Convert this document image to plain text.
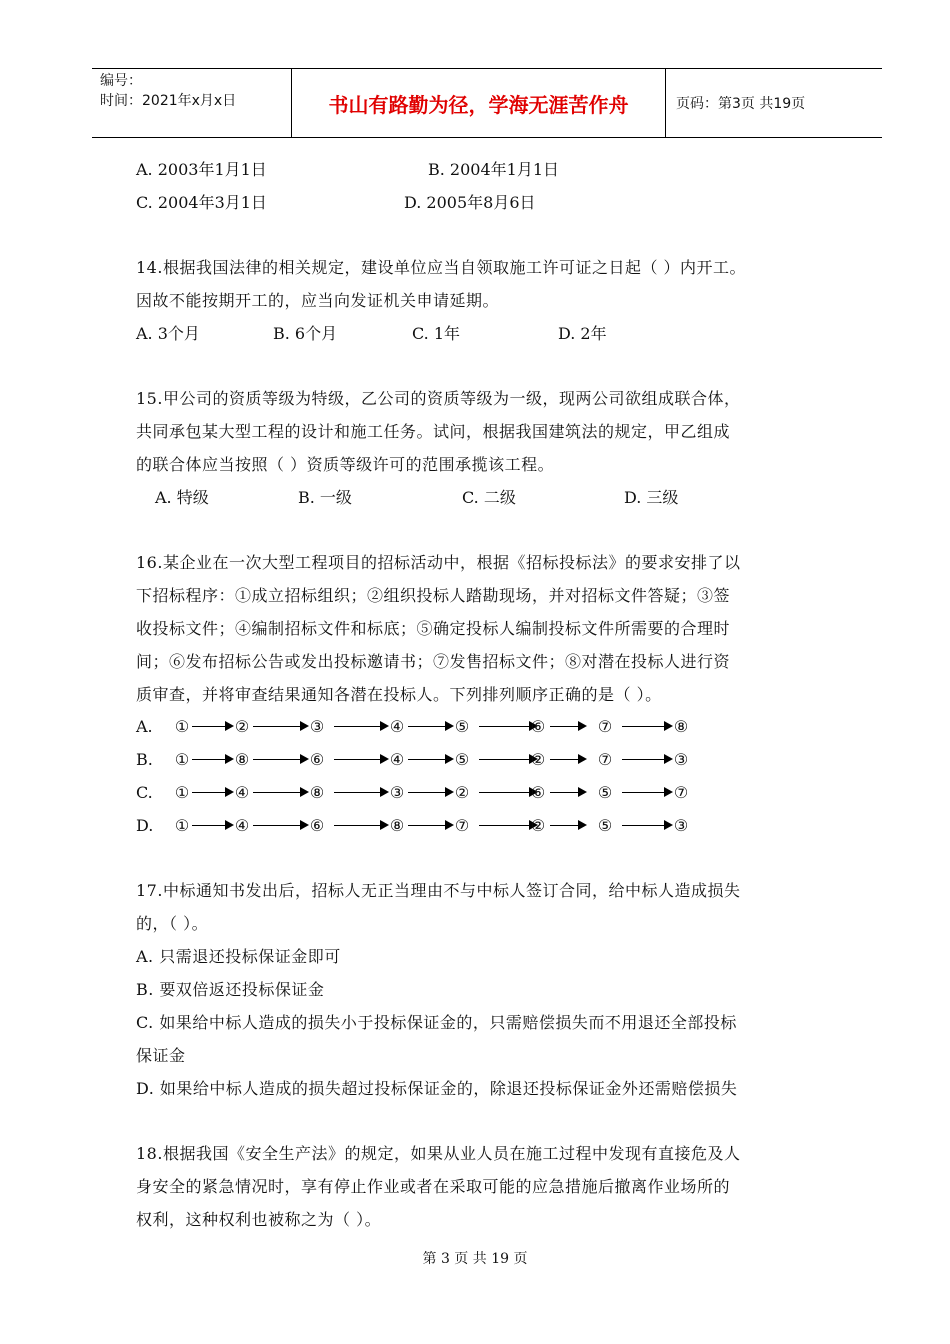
编号：
时间：2021年x月x日	书山有路勤为径，学海无涯苦作舟	页码：第3页 共19页
A. 2003年1月1日	B. 2004年1月1日
C. 2004年3月1日	D. 2005年8月6日
14.根据我国法律的相关规定，建设单位应当自领取施工许可证之日起（ ）内开工。
因故不能按期开工的，应当向发证机关申请延期。
A. 3个月	B. 6个月	C. 1年	D. 2年
15.甲公司的资质等级为特级，乙公司的资质等级为一级，现两公司欲组成联合体，
共同承包某大型工程的设计和施工任务。试问，根据我国建筑法的规定，甲乙组成
的联合体应当按照（ ）资质等级许可的范围承揽该工程。
A. 特级	B. 一级	C. 二级	D. 三级
16.某企业在一次大型工程项目的招标活动中，根据《招标投标法》的要求安排了以
下招标程序：①成立招标组织；②组织投标人踏勘现场，并对招标文件答疑；③签
收投标文件；④编制招标文件和标底；⑤确定投标人编制投标文件所需要的合理时
间；⑥发布招标公告或发出投标邀请书；⑦发售招标文件；⑧对潜在投标人进行资
质审查，并将审查结果通知各潜在投标人。下列排列顺序正确的是（ ）。
A. ①	②	③	④	⑤	⑥	⑦	⑧
B. ①	⑧	⑥	④	⑤	②	⑦	③
C. ①	④	⑧	③	②	⑥	⑤	⑦
D. ①	④	⑥	⑧	⑦	②	⑤	③
17.中标通知书发出后，招标人无正当理由不与中标人签订合同，给中标人造成损失
的，（ ）。
A. 只需退还投标保证金即可
B. 要双倍返还投标保证金
C. 如果给中标人造成的损失小于投标保证金的，只需赔偿损失而不用退还全部投标
保证金
D. 如果给中标人造成的损失超过投标保证金的，除退还投标保证金外还需赔偿损失
18.根据我国《安全生产法》的规定，如果从业人员在施工过程中发现有直接危及人
身安全的紧急情况时，享有停止作业或者在采取可能的应急措施后撤离作业场所的
权利，这种权利也被称之为（ ）。
第 3 页 共 19 页
